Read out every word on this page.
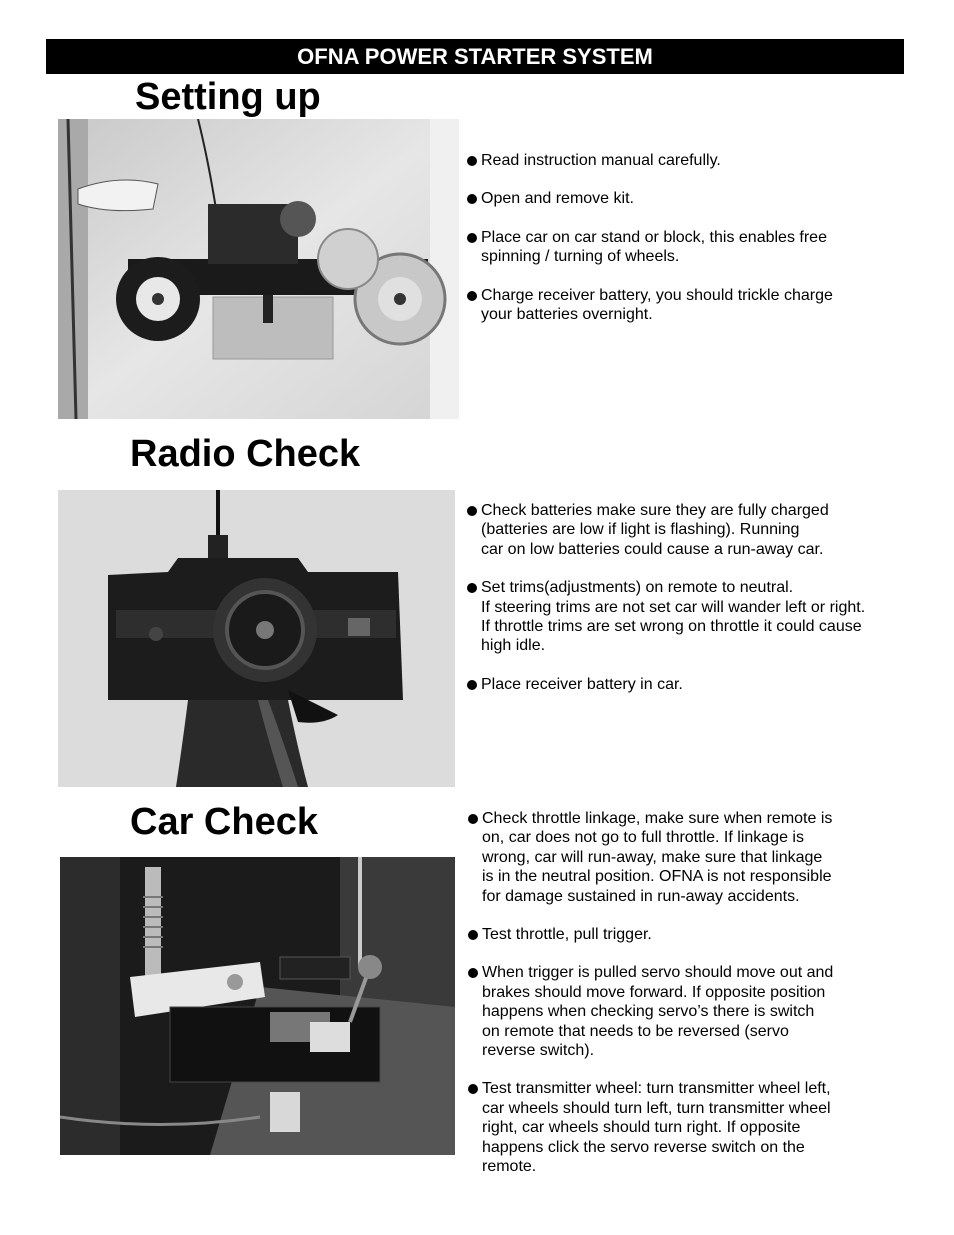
OFNA POWER STARTER SYSTEM
Setting up
Read instruction manual carefully.
Open and remove kit.
Place car on car stand or block, this enables free
spinning / turning of wheels.
Charge receiver battery, you should trickle charge
your batteries overnight.
Radio Check
Check batteries make sure they are fully charged
(batteries are low if light is flashing). Running
car on low batteries could cause a run-away car.
Set trims(adjustments) on remote to neutral.
If steering trims are not set car will wander left or right.
If throttle trims are set wrong on throttle it could cause
high idle.
Place receiver battery in car.
Car Check	Check throttle linkage, make sure when remote is
on, car does not go to full throttle. If linkage is
wrong, car will run-away, make sure that linkage
is in the neutral position. OFNA is not responsible
for damage sustained in run-away accidents.
Test throttle, pull trigger.
When trigger is pulled servo should move out and
brakes should move forward. If opposite position
happens when checking servo’s there is switch
on remote that needs to be reversed (servo
reverse switch).
Test transmitter wheel: turn transmitter wheel left,
car wheels should turn left, turn transmitter wheel
right, car wheels should turn right. If opposite
happens click the servo reverse switch on the
remote.
